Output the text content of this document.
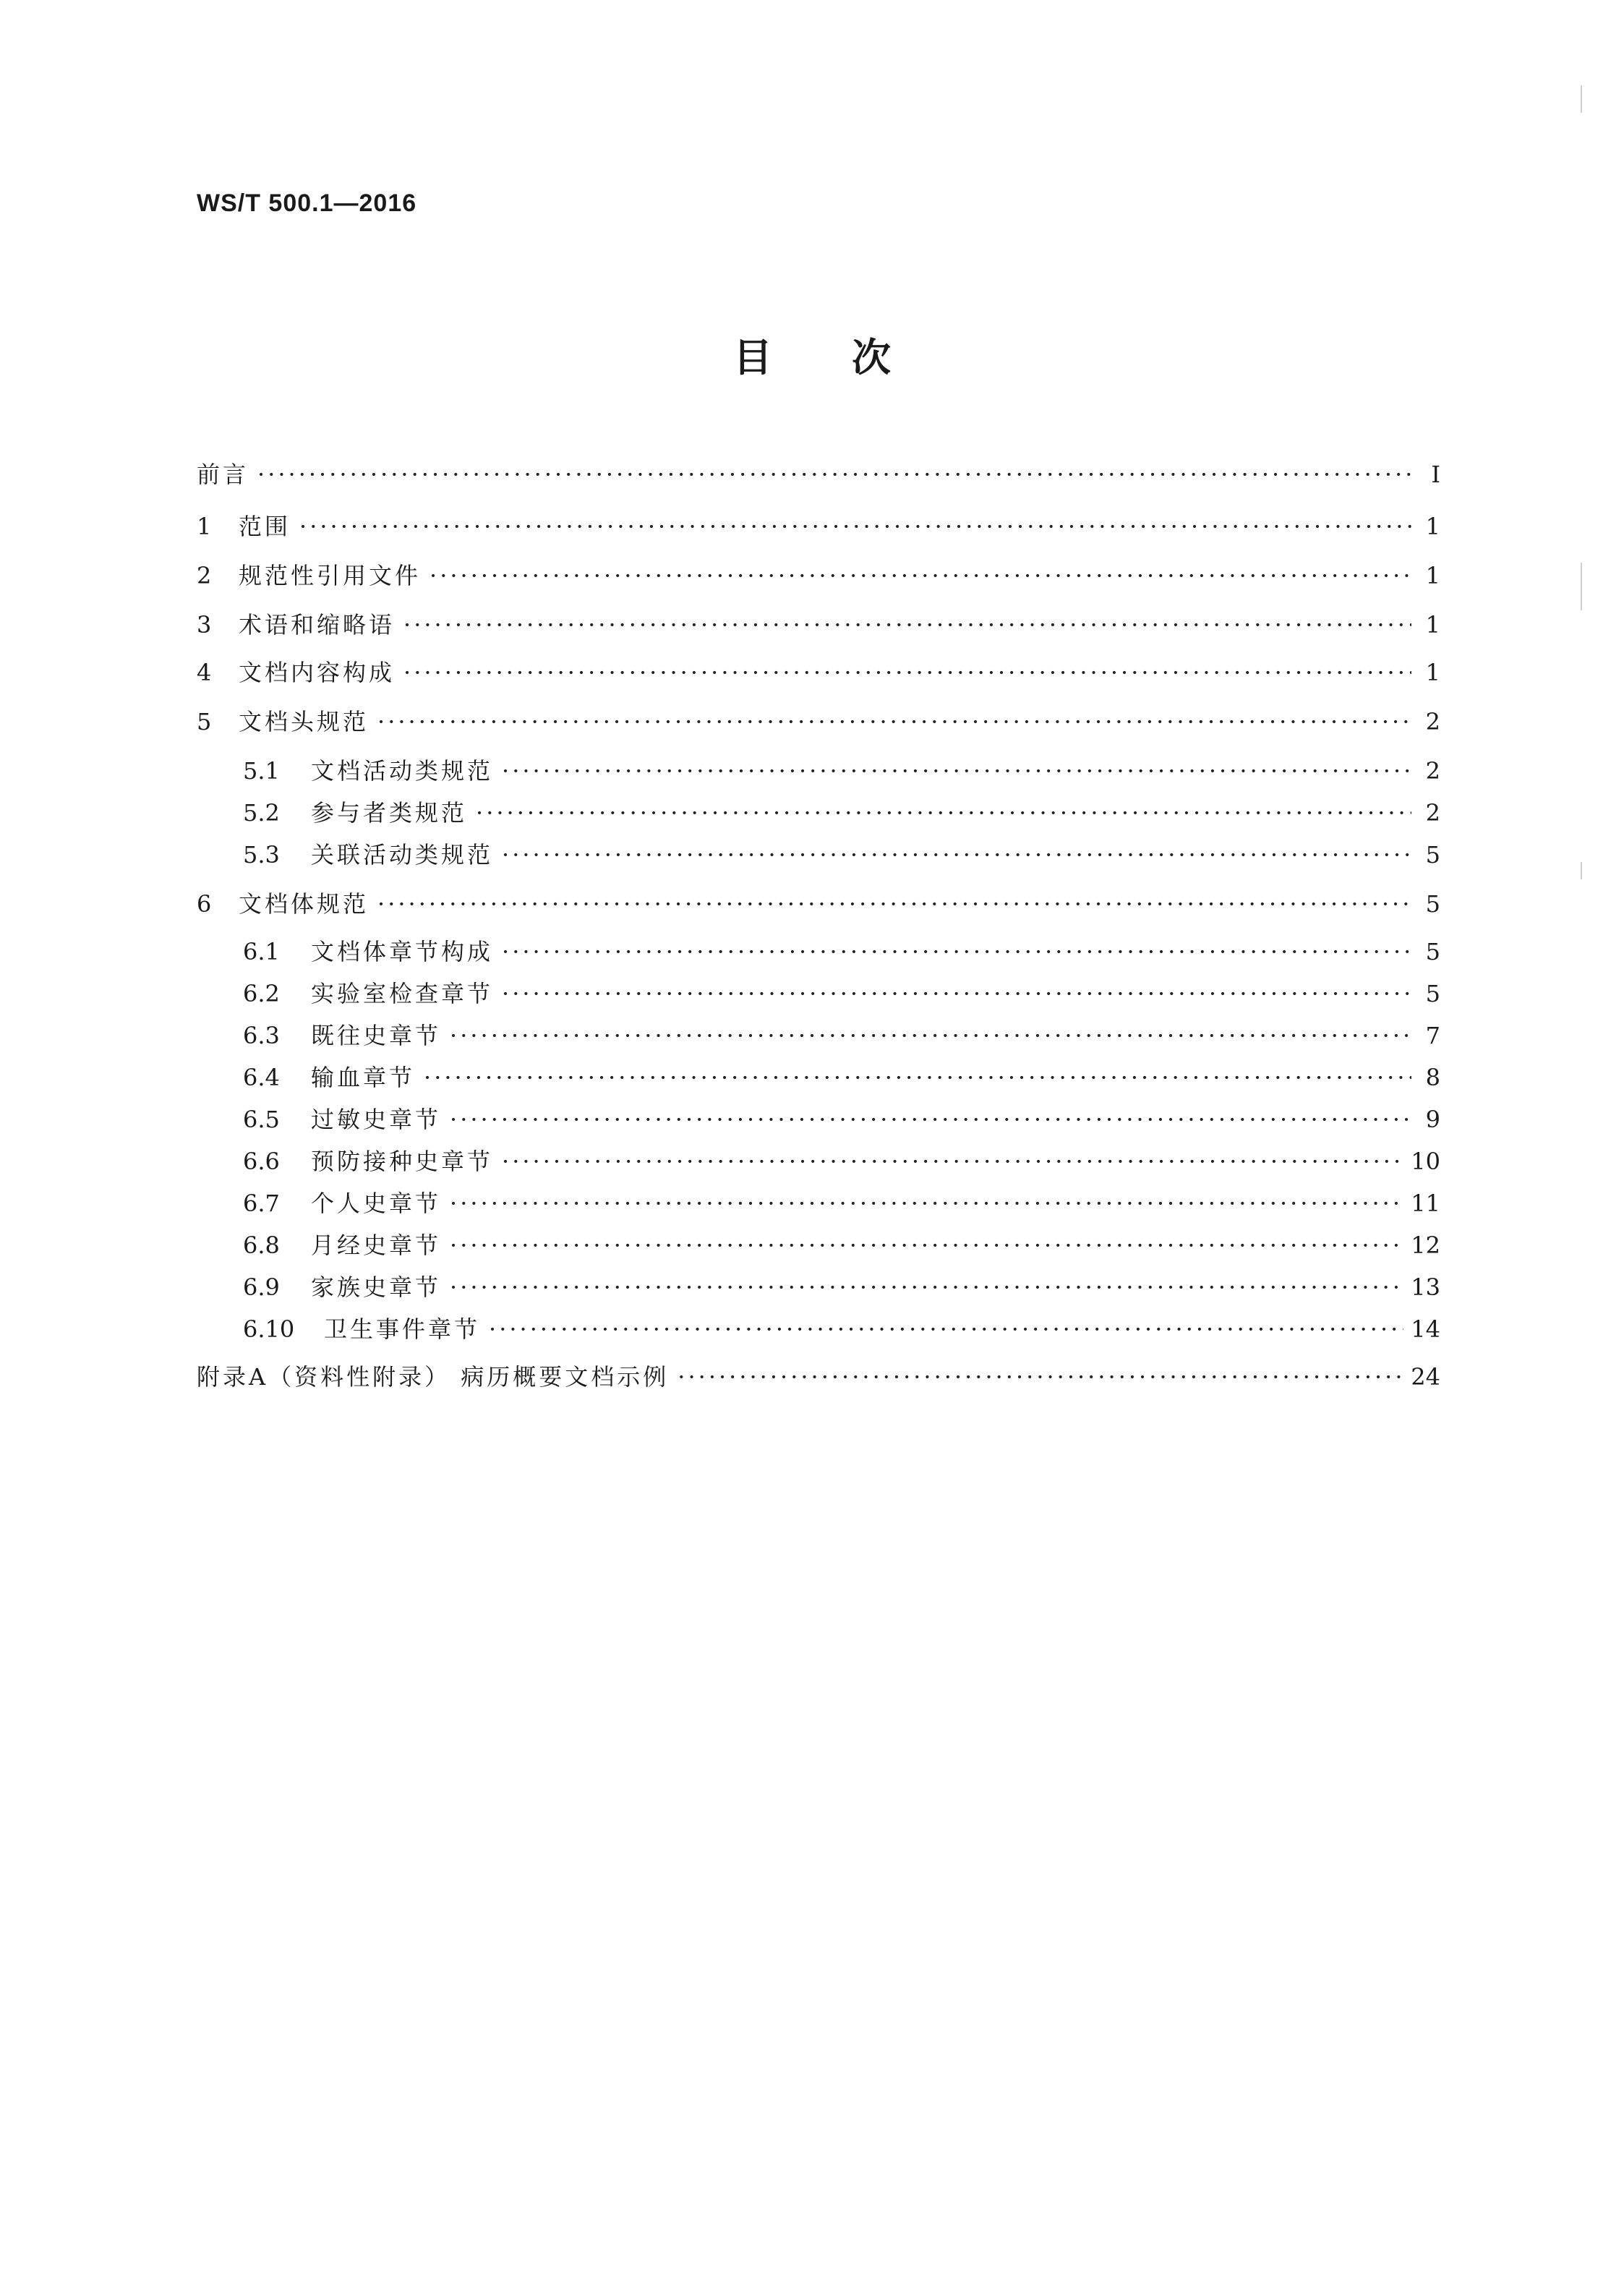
WS/T 500.1—2016
目次
前言 ·····	I
1	范围 ·····	1
2	规范性引用文件 ·····	1
3	术语和缩略语 ·····	1
4	文档内容构成 ·····	1
5	文档头规范 ·····	2
5.1	文档活动类规范 ·····	2
5.2	参与者类规范 ·····	2
5.3	关联活动类规范 ·····	5
6	文档体规范 ·····	5
6.1	文档体章节构成 ·····	5
6.2	实验室检查章节 ·····	5
6.3	既往史章节 ·····	7
6.4	输血章节 ·····	8
6.5	过敏史章节 ·····	9
6.6	预防接种史章节 ·····	10
6.7	个人史章节 ·····	11
6.8	月经史章节 ·····	12
6.9	家族史章节 ·····	13
6.10	卫生事件章节 ·····	14
附录A（资料性附录） 病历概要文档示例 ·····	24
